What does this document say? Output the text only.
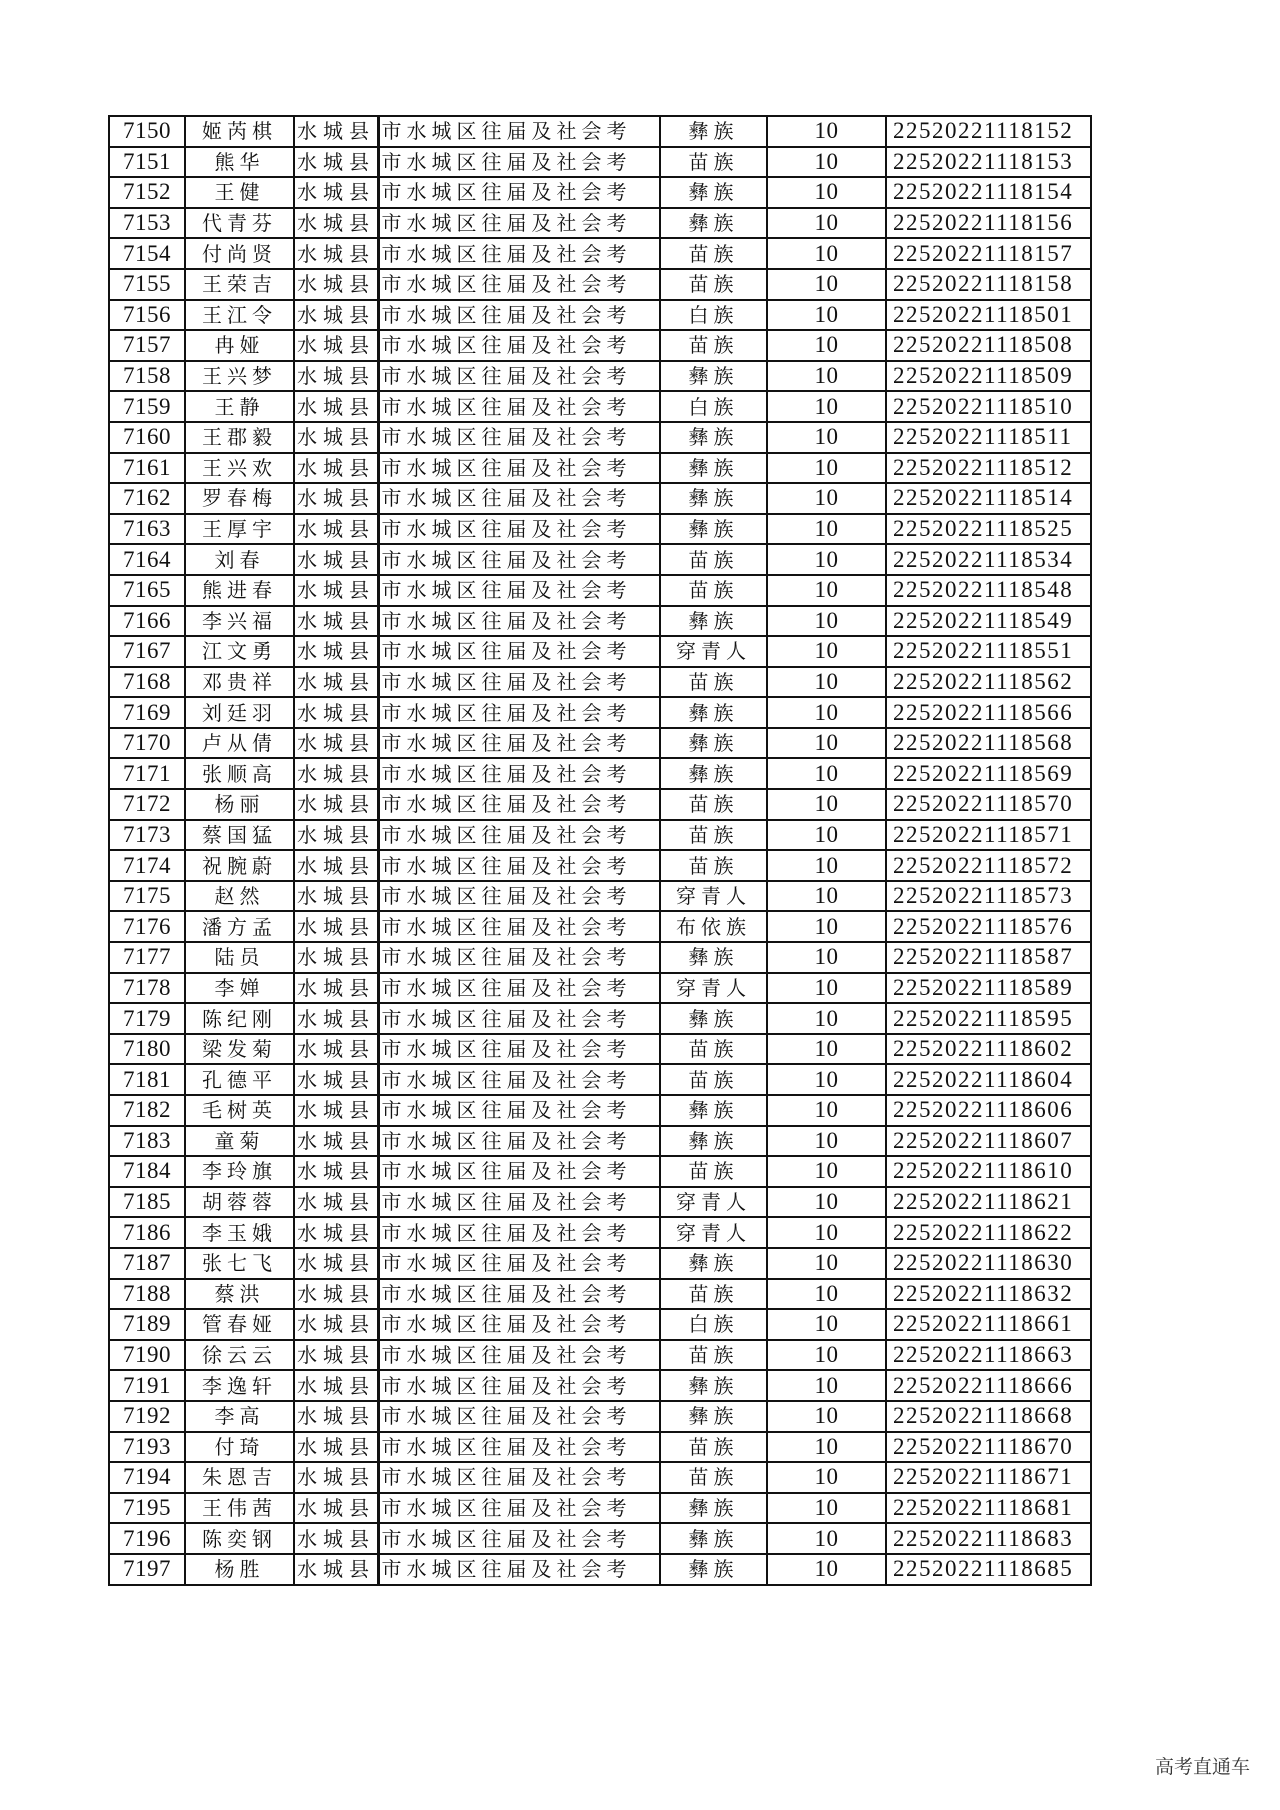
7150	姬芮棋	水城县	市水城区往届及社会考	彝族	10	22520221118152
7151	熊华	水城县	市水城区往届及社会考	苗族	10	22520221118153
7152	王健	水城县	市水城区往届及社会考	彝族	10	22520221118154
7153	代青芬	水城县	市水城区往届及社会考	彝族	10	22520221118156
7154	付尚贤	水城县	市水城区往届及社会考	苗族	10	22520221118157
7155	王荣吉	水城县	市水城区往届及社会考	苗族	10	22520221118158
7156	王江令	水城县	市水城区往届及社会考	白族	10	22520221118501
7157	冉娅	水城县	市水城区往届及社会考	苗族	10	22520221118508
7158	王兴梦	水城县	市水城区往届及社会考	彝族	10	22520221118509
7159	王静	水城县	市水城区往届及社会考	白族	10	22520221118510
7160	王郡毅	水城县	市水城区往届及社会考	彝族	10	22520221118511
7161	王兴欢	水城县	市水城区往届及社会考	彝族	10	22520221118512
7162	罗春梅	水城县	市水城区往届及社会考	彝族	10	22520221118514
7163	王厚宇	水城县	市水城区往届及社会考	彝族	10	22520221118525
7164	刘春	水城县	市水城区往届及社会考	苗族	10	22520221118534
7165	熊进春	水城县	市水城区往届及社会考	苗族	10	22520221118548
7166	李兴福	水城县	市水城区往届及社会考	彝族	10	22520221118549
7167	江文勇	水城县	市水城区往届及社会考	穿青人	10	22520221118551
7168	邓贵祥	水城县	市水城区往届及社会考	苗族	10	22520221118562
7169	刘廷羽	水城县	市水城区往届及社会考	彝族	10	22520221118566
7170	卢从倩	水城县	市水城区往届及社会考	彝族	10	22520221118568
7171	张顺高	水城县	市水城区往届及社会考	彝族	10	22520221118569
7172	杨丽	水城县	市水城区往届及社会考	苗族	10	22520221118570
7173	蔡国猛	水城县	市水城区往届及社会考	苗族	10	22520221118571
7174	祝腕蔚	水城县	市水城区往届及社会考	苗族	10	22520221118572
7175	赵然	水城县	市水城区往届及社会考	穿青人	10	22520221118573
7176	潘方孟	水城县	市水城区往届及社会考	布依族	10	22520221118576
7177	陆员	水城县	市水城区往届及社会考	彝族	10	22520221118587
7178	李婵	水城县	市水城区往届及社会考	穿青人	10	22520221118589
7179	陈纪刚	水城县	市水城区往届及社会考	彝族	10	22520221118595
7180	梁发菊	水城县	市水城区往届及社会考	苗族	10	22520221118602
7181	孔德平	水城县	市水城区往届及社会考	苗族	10	22520221118604
7182	毛树英	水城县	市水城区往届及社会考	彝族	10	22520221118606
7183	童菊	水城县	市水城区往届及社会考	彝族	10	22520221118607
7184	李玲旗	水城县	市水城区往届及社会考	苗族	10	22520221118610
7185	胡蓉蓉	水城县	市水城区往届及社会考	穿青人	10	22520221118621
7186	李玉娥	水城县	市水城区往届及社会考	穿青人	10	22520221118622
7187	张七飞	水城县	市水城区往届及社会考	彝族	10	22520221118630
7188	蔡洪	水城县	市水城区往届及社会考	苗族	10	22520221118632
7189	管春娅	水城县	市水城区往届及社会考	白族	10	22520221118661
7190	徐云云	水城县	市水城区往届及社会考	苗族	10	22520221118663
7191	李逸轩	水城县	市水城区往届及社会考	彝族	10	22520221118666
7192	李高	水城县	市水城区往届及社会考	彝族	10	22520221118668
7193	付琦	水城县	市水城区往届及社会考	苗族	10	22520221118670
7194	朱恩吉	水城县	市水城区往届及社会考	苗族	10	22520221118671
7195	王伟茜	水城县	市水城区往届及社会考	彝族	10	22520221118681
7196	陈奕钢	水城县	市水城区往届及社会考	彝族	10	22520221118683
7197	杨胜	水城县	市水城区往届及社会考	彝族	10	22520221118685
高考直通车
